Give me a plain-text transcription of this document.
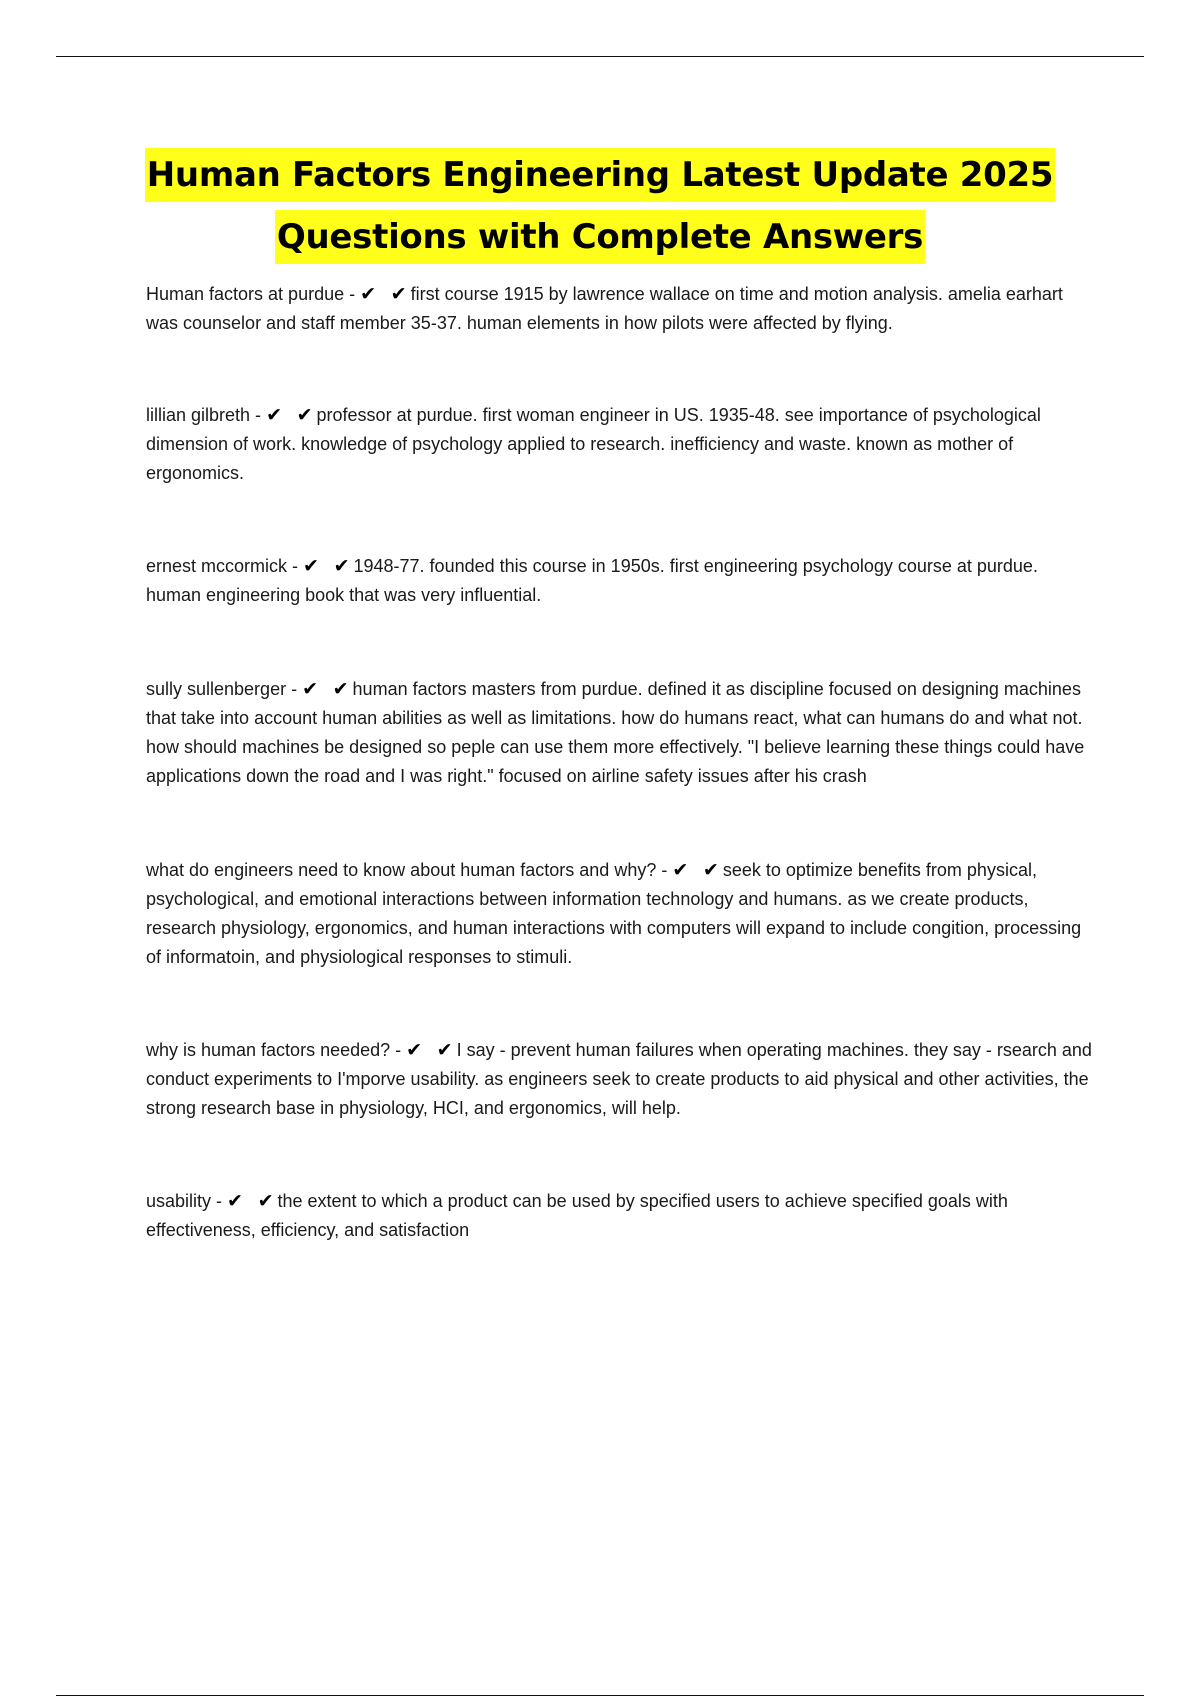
Human Factors Engineering Latest Update 2025
Questions with Complete Answers

Human factors at purdue - ✔ ✔first course 1915 by lawrence wallace on time and motion analysis. amelia earhart was counselor and staff member 35-37. human elements in how pilots were affected by flying.

lillian gilbreth - ✔ ✔professor at purdue. first woman engineer in US. 1935-48. see importance of psychological dimension of work. knowledge of psychology applied to research. inefficiency and waste. known as mother of ergonomics.

ernest mccormick - ✔ ✔1948-77. founded this course in 1950s. first engineering psychology course at purdue. human engineering book that was very influential.

sully sullenberger - ✔ ✔human factors masters from purdue. defined it as discipline focused on designing machines that take into account human abilities as well as limitations. how do humans react, what can humans do and what not. how should machines be designed so peple can use them more effectively. "I believe learning these things could have applications down the road and I was right." focused on airline safety issues after his crash

what do engineers need to know about human factors and why? - ✔ ✔seek to optimize benefits from physical, psychological, and emotional interactions between information technology and humans. as we create products, research physiology, ergonomics, and human interactions with computers will expand to include congition, processing of informatoin, and physiological responses to stimuli.

why is human factors needed? - ✔ ✔I say - prevent human failures when operating machines. they say - rsearch and conduct experiments to I'mporve usability. as engineers seek to create products to aid physical and other activities, the strong research base in physiology, HCI, and ergonomics, will help.

usability - ✔ ✔the extent to which a product can be used by specified users to achieve specified goals with effectiveness, efficiency, and satisfaction
